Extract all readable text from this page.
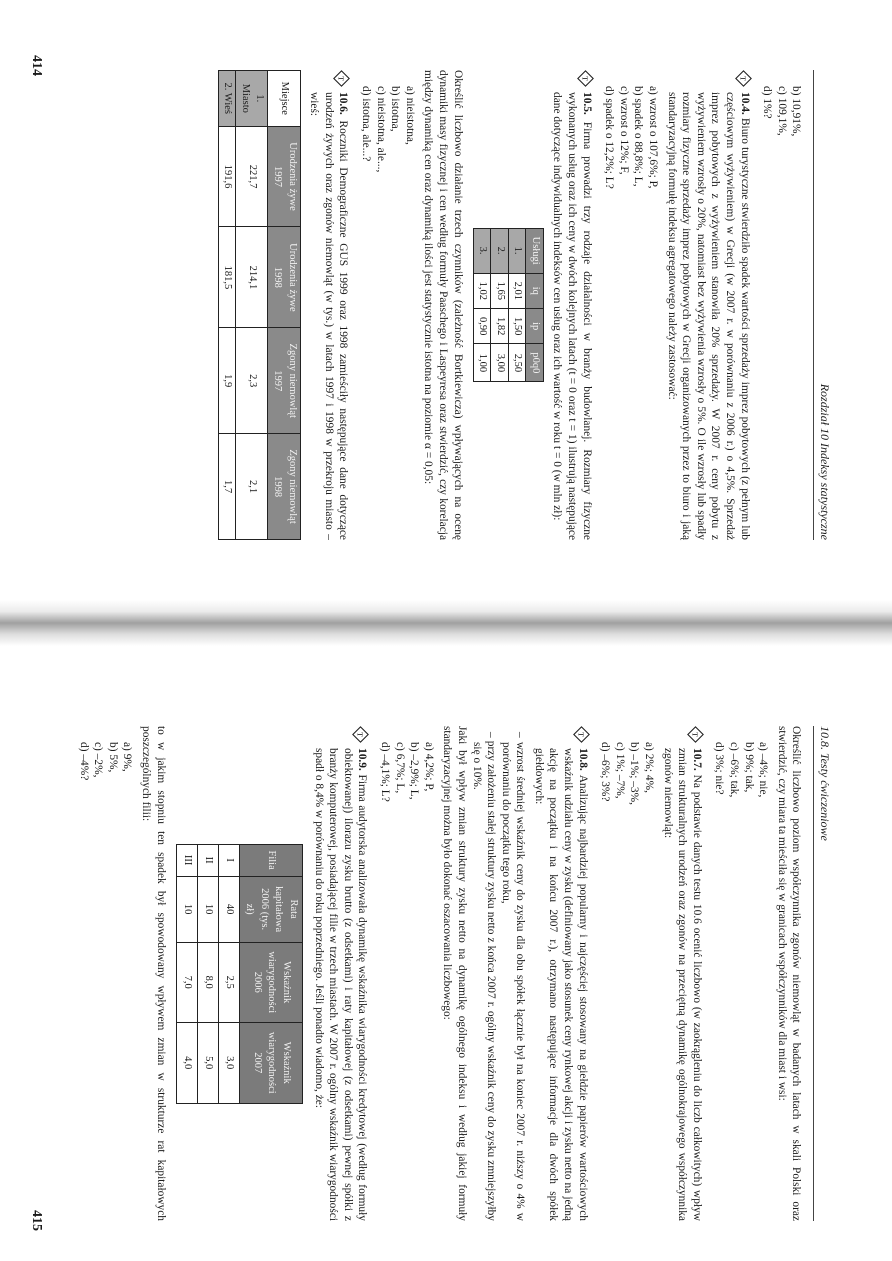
Rozdział 10 Indeksy statystyczne
b) 10,91%,
c) 109,1%,
d) 1%?
T
10.4. Biuro turystyczne stwierdziło spadek wartości sprzedaży imprez pobytowych (z pełnym lub częściowym wyżywieniem) w Grecji (w 2007 r. w porównaniu z 2006 r.) o 4,5%. Sprzedaż imprez pobytowych z wyżywieniem stanowiła 20% sprzedaży. W 2007 r. ceny pobytu z wyżywieniem wzrosły o 20%, natomiast bez wyżywienia wzrosły o 5%. O ile wzrosły lub spadły rozmiary fizyczne sprzedaży imprez pobytowych w Grecji organizowanych przez to biuro i jaką standaryzacyjną formułę indeksu agregatowego należy zastosować:
a) wzrost o 107,6%; P,
b) spadek o 88,8%; L,
c) wzrost o 12%; F,
d) spadek o 12,2%; L?
T
10.5. Firma prowadzi trzy rodzaje działalności w branży budowlanej. Rozmiary fizyczne wykonanych usług oraz ich ceny w dwóch kolejnych latach (t = 0 oraz t = 1) ilustrują następujące dane dotyczące indywidualnych indeksów cen usług oraz ich wartość w roku t = 0 (w mln zł):
Usługi	iq	ip	p0q0
1.	2,01	1,50	2,50
2.	1,65	1,82	3,00
3.	1,02	0,90	1,00

Określić liczbowo działanie trzech czynników (zależność Bortkiewicza) wpływających na ocenę dynamiki masy fizycznej i cen według formuły Paaschego i Laspeyresa oraz stwierdzić, czy korelacja między dynamiką cen oraz dynamiką ilości jest statystycznie istotna na poziomie α = 0,05:

a) nieistotna,
b) istotna,
c) nieistotna, ale...,
d) istotna, ale...?
T
10.6. Roczniki Demograficzne GUS 1999 oraz 1998 zamieściły następujące dane dotyczące urodzeń żywych oraz zgonów niemowląt (w tys.) w latach 1997 i 1998 w przekroju miasto – wieś:
Miejsce	Urodzenia żywe 1997	Urodzenia żywe 1998	Zgony niemowląt 1997	Zgony niemowląt 1998
1. Miasto	221,7	214,1	2,3	2,1
2. Wieś	191,6	181,5	1,9	1,7
414
10.8. Testy ćwiczeniowe

Określić liczbowo poziom współczynnika zgonów niemowląt w badanych latach w skali Polski oraz stwierdzić, czy miara ta mieściła się w granicach współczynników dla miast i wsi:

a) –4%; nie,
b) 9%; tak,
c) –6%; tak,
d) 3%; nie?
T
10.7. Na podstawie danych testu 10.6 ocenić liczbowo (w zaokrągleniu do liczb całkowitych) wpływ zmian strukturalnych urodzeń oraz zgonów na przeciętną dynamikę ogólnokrajowego współczynnika zgonów niemowląt:
a) 2%; 4%,
b) –1%; –3%,
c) 1%; –7%,
d) –6%; 3%?
T
10.8. Analizując najbardziej popularny i najczęściej stosowany na giełdzie papierów wartościowych wskaźnik udziału ceny w zysku (definiowany jako stosunek ceny rynkowej akcji i zysku netto na jedną akcję na początku i na końcu 2007 r.), otrzymano następujące informacje dla dwóch spółek giełdowych:
– wzrost średniej wskaźnik ceny do zysku dla obu spółek łącznie był na koniec 2007 r. niższy o 4% w porównaniu do początku tego roku,
– przy założeniu stałej struktury zysku netto z końca 2007 r. ogólny wskaźnik ceny do zysku zmniejszyłby się o 10%.

Jaki był wpływ zmian struktury zysku netto na dynamikę ogólnego indeksu i według jakiej formuły standaryzacyjnej można było dokonać oszacowania liczbowego:

a) 4,2%; P,
b) –2,9%; L,
c) 6,7%; L,
d) –4,1%; L?
T
10.9. Firma audytorska analizowała dynamikę wskaźnika wiarygodności kredytowej (według formuły obiektowanej) ilorazu zysku brutto (z odsetkami) i raty kapitałowej (z odsetkami) pewnej spółki z branży komputerowej, posiadającej filie w trzech miastach. W 2007 r. ogólny wskaźnik wiarygodności spadł o 8,4% w porównaniu do roku poprzedniego. Jeśli ponadto wiadomo, że:
Filia	Rata kapitałowa 2006 (tys. zł)	Wskaźnik wiarygodności 2006	Wskaźnik wiarygodności 2007
I	40	2,5	3,0
II	10	8,0	5,0
III	10	7,0	4,0

to w jakim stopniu ten spadek był spowodowany wpływem zmian w strukturze rat kapitałowych poszczególnych filii:

a) 9%,
b) 5%,
c) –2%,
d) –4%?
415
